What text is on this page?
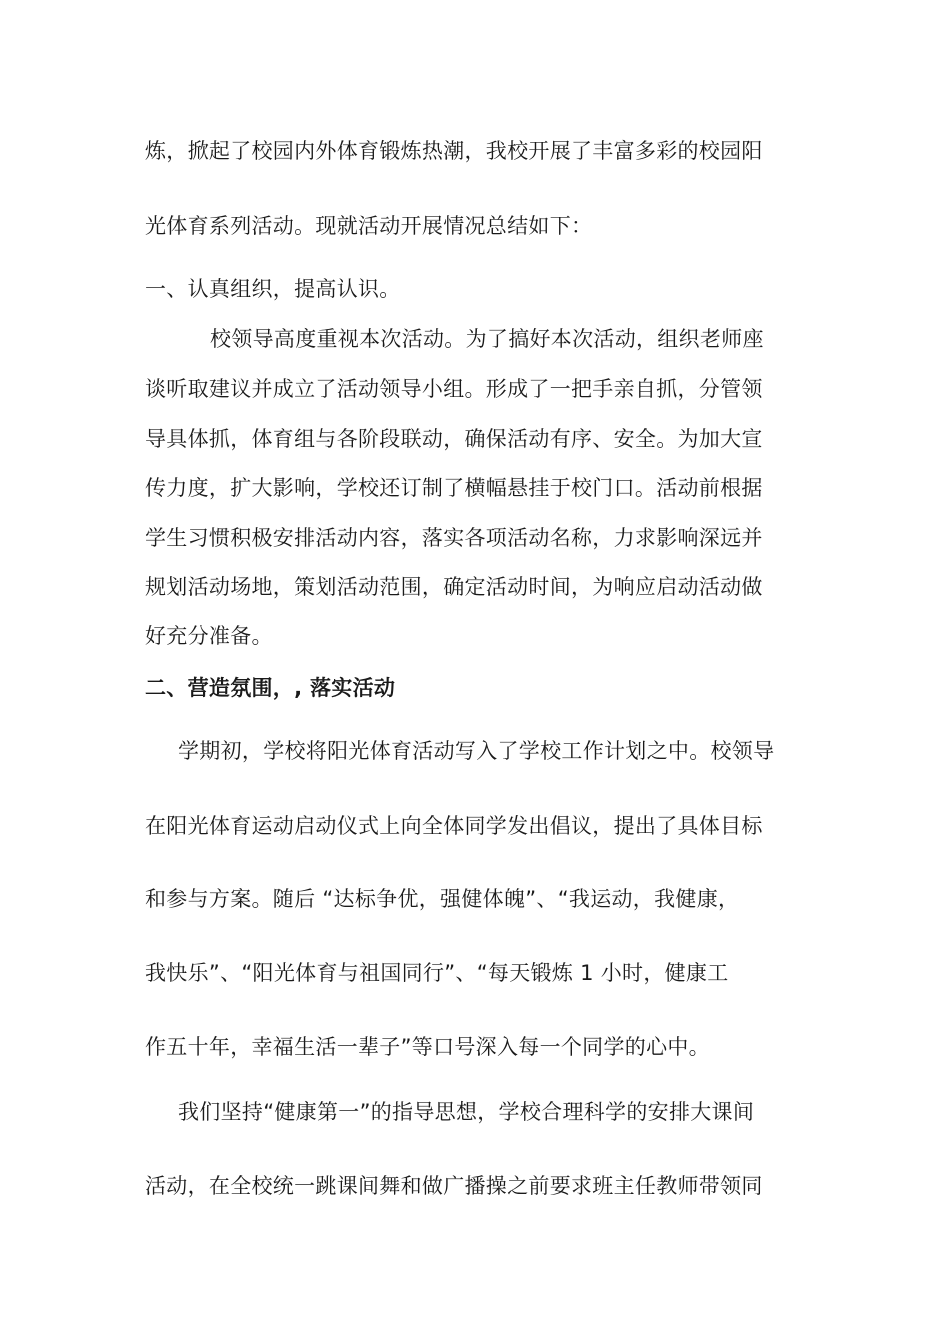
炼，掀起了校园内外体育锻炼热潮，我校开展了丰富多彩的校园阳
光体育系列活动。现就活动开展情况总结如下：
一、认真组织，提高认识。
校领导高度重视本次活动。为了搞好本次活动，组织老师座
谈听取建议并成立了活动领导小组。形成了一把手亲自抓，分管领
导具体抓，体育组与各阶段联动，确保活动有序、安全。为加大宣
传力度，扩大影响，学校还订制了横幅悬挂于校门口。活动前根据
学生习惯积极安排活动内容，落实各项活动名称，力求影响深远并
规划活动场地，策划活动范围，确定活动时间，为响应启动活动做
好充分准备。
二、营造氛围，, 落实活动
学期初，学校将阳光体育活动写入了学校工作计划之中。校领导
在阳光体育运动启动仪式上向全体同学发出倡议，提出了具体目标
和参与方案。随后 “达标争优，强健体魄”、“我运动，我健康，
我快乐”、“阳光体育与祖国同行”、“每天锻炼 1 小时，健康工
作五十年，幸福生活一辈子”等口号深入每一个同学的心中。
我们坚持“健康第一”的指导思想，学校合理科学的安排大课间
活动，在全校统一跳课间舞和做广播操之前要求班主任教师带领同
